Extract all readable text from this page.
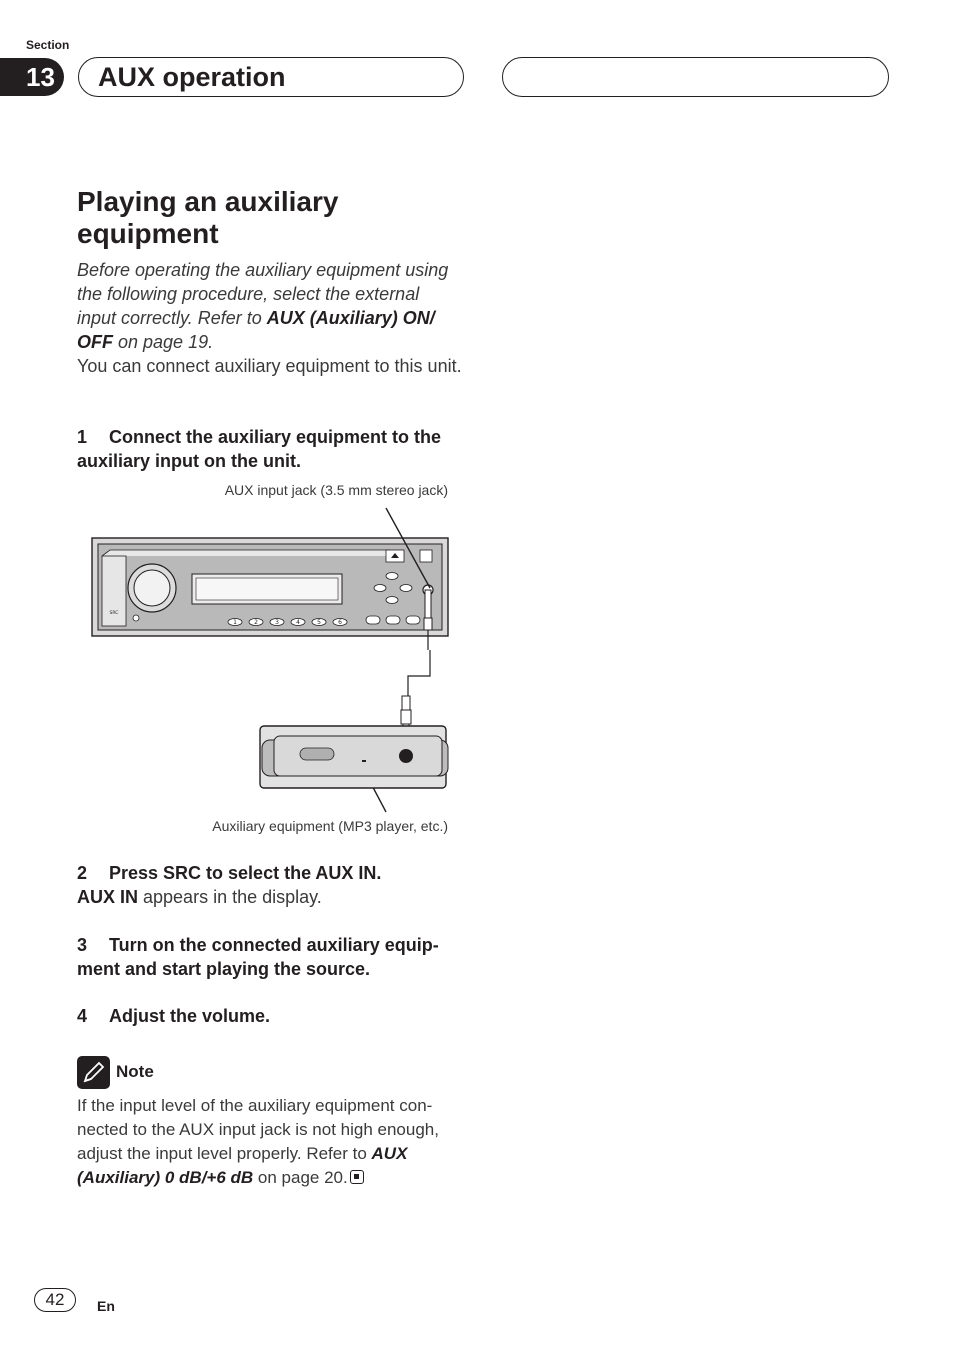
Section
13	AUX operation
Playing an auxiliary equipment
Before operating the auxiliary equipment using the following procedure, select the external input correctly. Refer to AUX (Auxiliary) ON/ OFF on page 19.
You can connect auxiliary equipment to this unit.
1 Connect the auxiliary equipment to the auxiliary input on the unit.
AUX input jack (3.5 mm stereo jack)
Auxiliary equipment (MP3 player, etc.)
1	2	3	4	5	6
SRC
2 Press SRC to select the AUX IN.
AUX IN appears in the display.
3 Turn on the connected auxiliary equip- ment and start playing the source.
4 Adjust the volume.
Note
If the input level of the auxiliary equipment con- nected to the AUX input jack is not high enough, adjust the input level properly. Refer to AUX (Auxiliary) 0 dB/+6 dB on page 20.
42	En
